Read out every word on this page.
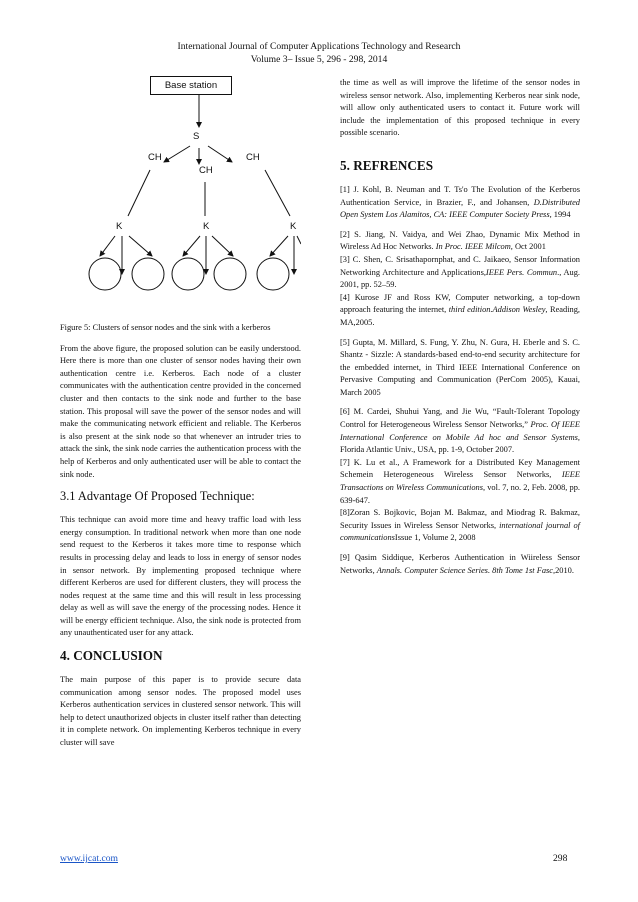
International Journal of Computer Applications Technology and Research
Volume 3– Issue 5, 296 - 298, 2014
Base station
S
CH
CH
CH
K	K	K

Figure 5: Clusters of sensor nodes and the sink with a kerberos

From the above figure, the proposed solution can be easily understood. Here there is more than one cluster of sensor nodes having their own authentication centre i.e. Kerberos. Each node of a cluster communicates with the authentication centre provided in the concerned cluster and then contacts to the sink node and further to the base station. This proposal will save the power of the sensor nodes and will make the communicating network efficient and reliable. The Kerberos is also present at the sink node so that whenever an intruder tries to attack the sink, the sink node carries the authentication process with the help of Kerberos and only authenticated user will be able to contact the sink node.

3.1 Advantage Of Proposed Technique:

This technique can avoid more time and heavy traffic load with less energy consumption. In traditional network when more than one node send request to the Kerberos it takes more time to response which results in processing delay and leads to loss in energy of sensor nodes in sensor network. By implementing proposed technique where different Kerberos are used for different clusters, they will process the nodes request at the same time and this will result in less processing delay as well as will save the energy of the processing nodes. Hence it will be energy efficient technique. Also, the sink node is protected from any unauthenticated user for any attack.

4. CONCLUSION

The main purpose of this paper is to provide secure data communication among sensor nodes. The proposed model uses Kerberos authentication services in clustered sensor network. This will help to detect unauthorized objects in cluster itself rather than detecting it in complete network. On implementing Kerberos technique in every cluster will save

the time as well as will improve the lifetime of the sensor nodes in wireless sensor network. Also, implementing Kerberos near sink node, will allow only authenticated users to contact it. Future work will include the implementation of this proposed technique in every possible scenario.

5. REFRENCES

[1] J. Kohl, B. Neuman and T. Ts'o The Evolution of the Kerberos Authentication Service, in Brazier, F., and Johansen, D.Distributed Open System Los Alamitos, CA: IEEE Computer Society Press, 1994

[2] S. Jiang, N. Vaidya, and Wei Zhao, Dynamic Mix Method in Wireless Ad Hoc Networks. In Proc. IEEE Milcom, Oct 2001

[3] C. Shen, C. Srisathapornphat, and C. Jaikaeo, Sensor Information Networking Architecture and Applications,IEEE Pers. Commun., Aug. 2001, pp. 52–59.

[4] Kurose JF and Ross KW, Computer networking, a top-down approach featuring the internet, third edition.Addison Wesley, Reading, MA,2005.

[5] Gupta, M. Millard, S. Fung, Y. Zhu, N. Gura, H. Eberle and S. C. Shantz - Sizzle: A standards-based end-to-end security architecture for the embedded internet, in Third IEEE International Conference on Pervasive Computing and Communication (PerCom 2005), Kauai, March 2005

[6] M. Cardei, Shuhui Yang, and Jie Wu, “Fault-Tolerant Topology Control for Heterogeneous Wireless Sensor Networks,” Proc. Of IEEE International Conference on Mobile Ad hoc and Sensor Systems, Florida Atlantic Univ., USA, pp. 1-9, October 2007.

[7] K. Lu et al., A Framework for a Distributed Key Management Schemein Heterogeneous Wireless Sensor Networks, IEEE Transactions on Wireless Communications, vol. 7, no. 2, Feb. 2008, pp. 639-647.

[8]Zoran S. Bojkovic, Bojan M. Bakmaz, and Miodrag R. Bakmaz, Security Issues in Wireless Sensor Networks, international journal of communicationsIssue 1, Volume 2, 2008

[9] Qasim Siddique, Kerberos Authentication in Wiireless Sensor Networks, Annals. Computer Science Series. 8th Tome 1st Fasc,2010.

www.ijcat.com	298
